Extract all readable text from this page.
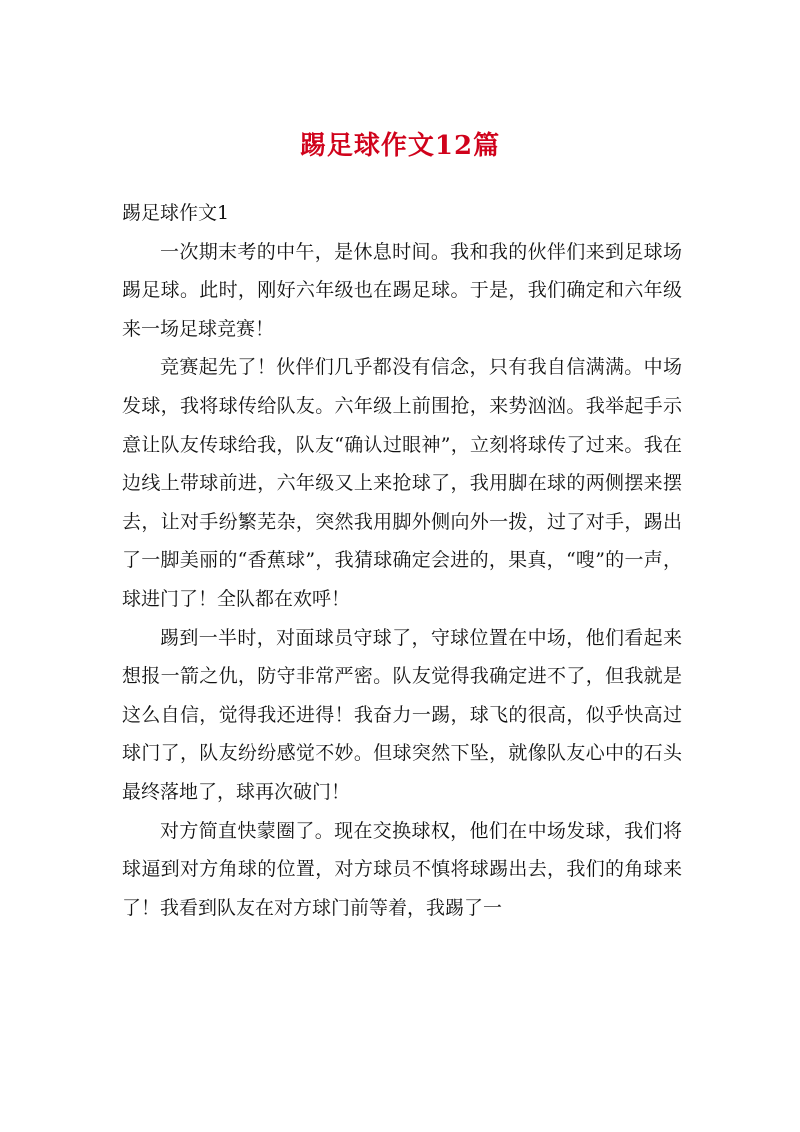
踢足球作文12篇

踢足球作文1

一次期末考的中午，是休息时间。我和我的伙伴们来到足球场踢足球。此时，刚好六年级也在踢足球。于是，我们确定和六年级来一场足球竞赛！

竞赛起先了！伙伴们几乎都没有信念，只有我自信满满。中场发球，我将球传给队友。六年级上前围抢，来势汹汹。我举起手示意让队友传球给我，队友“确认过眼神”，立刻将球传了过来。我在边线上带球前进，六年级又上来抢球了，我用脚在球的两侧摆来摆去，让对手纷繁芜杂，突然我用脚外侧向外一拨，过了对手，踢出了一脚美丽的“香蕉球”，我猜球确定会进的，果真，“嗖”的一声，球进门了！全队都在欢呼！

踢到一半时，对面球员守球了，守球位置在中场，他们看起来想报一箭之仇，防守非常严密。队友觉得我确定进不了，但我就是这么自信，觉得我还进得！我奋力一踢，球飞的很高，似乎快高过球门了，队友纷纷感觉不妙。但球突然下坠，就像队友心中的石头最终落地了，球再次破门！

对方简直快蒙圈了。现在交换球权，他们在中场发球，我们将球逼到对方角球的位置，对方球员不慎将球踢出去，我们的角球来了！我看到队友在对方球门前等着，我踢了一
